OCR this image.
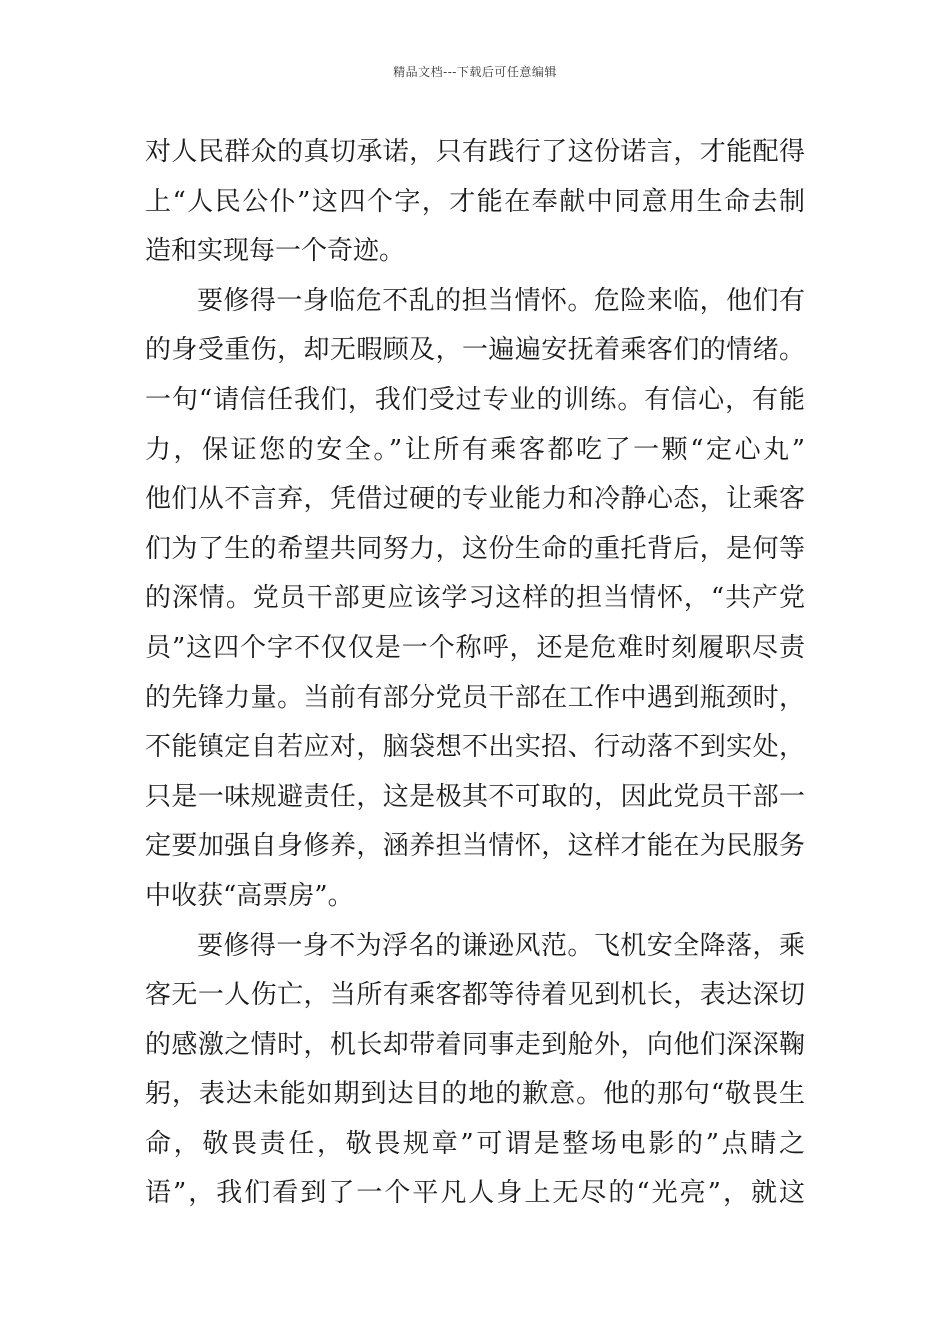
精品文档---下载后可任意编辑
对人民群众的真切承诺，只有践行了这份诺言，才能配得
上“人民公仆”这四个字，才能在奉献中同意用生命去制
造和实现每一个奇迹。
要修得一身临危不乱的担当情怀。危险来临，他们有
的身受重伤，却无暇顾及，一遍遍安抚着乘客们的情绪。
一句“请信任我们，我们受过专业的训练。有信心，有能
力，保证您的安全。”让所有乘客都吃了一颗“定心丸”
他们从不言弃，凭借过硬的专业能力和冷静心态，让乘客
们为了生的希望共同努力，这份生命的重托背后，是何等
的深情。党员干部更应该学习这样的担当情怀，“共产党
员”这四个字不仅仅是一个称呼，还是危难时刻履职尽责
的先锋力量。当前有部分党员干部在工作中遇到瓶颈时，
不能镇定自若应对，脑袋想不出实招、行动落不到实处，
只是一味规避责任，这是极其不可取的，因此党员干部一
定要加强自身修养，涵养担当情怀，这样才能在为民服务
中收获“高票房”。
要修得一身不为浮名的谦逊风范。飞机安全降落，乘
客无一人伤亡，当所有乘客都等待着见到机长，表达深切
的感激之情时，机长却带着同事走到舱外，向他们深深鞠
躬，表达未能如期到达目的地的歉意。他的那句“敬畏生
命，敬畏责任，敬畏规章”可谓是整场电影的”点睛之
语”，我们看到了一个平凡人身上无尽的“光亮”，就这
